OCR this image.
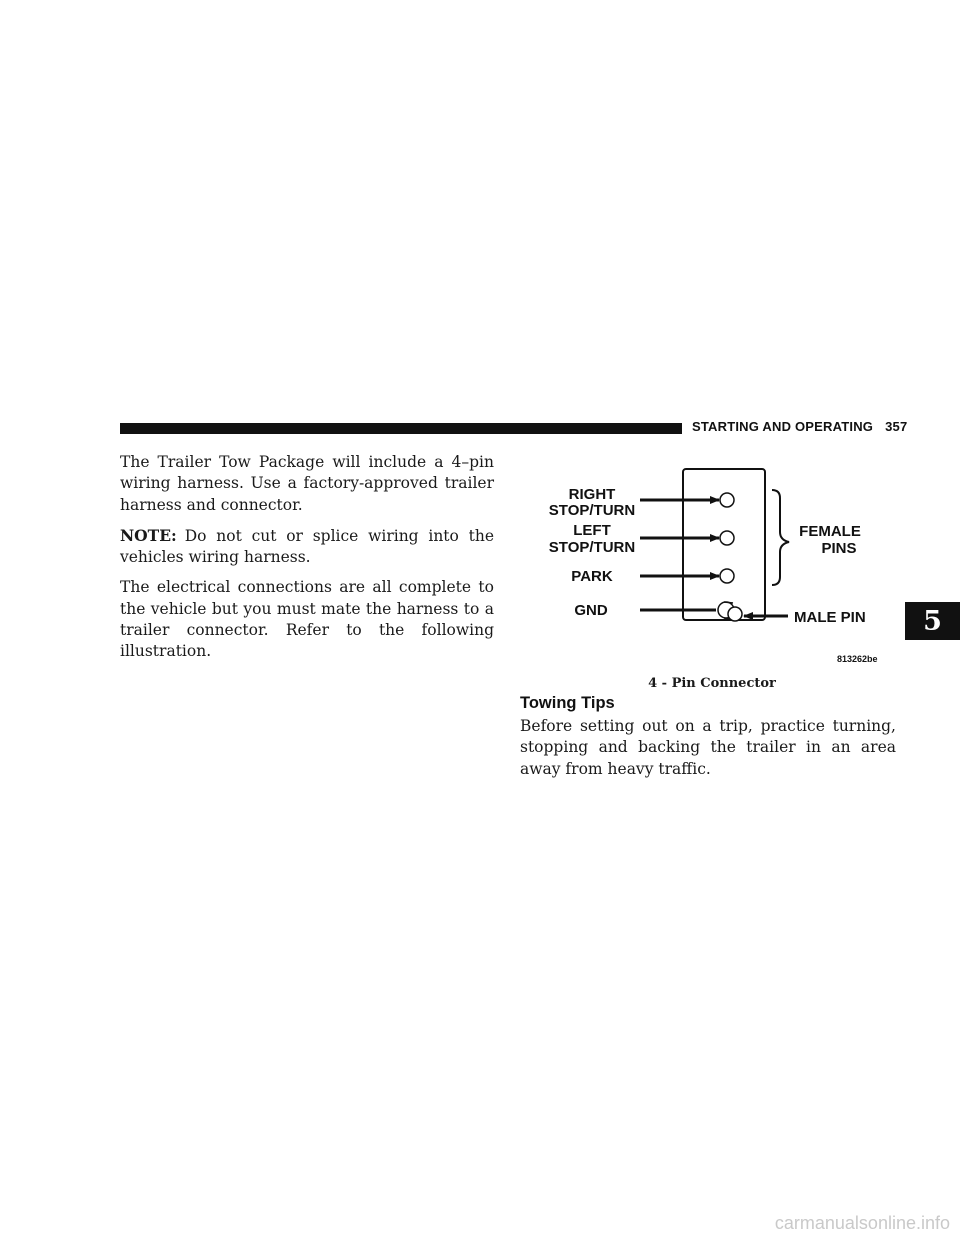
STARTING AND OPERATING 357

The Trailer Tow Package will include a 4–pin wiring harness. Use a factory-approved trailer harness and connector.

NOTE: Do not cut or splice wiring into the vehicles wiring harness.

The electrical connections are all complete to the vehicle but you must mate the harness to a trailer connector. Refer to the following illustration.

RIGHT
STOP/TURN
LEFT
STOP/TURN
PARK
GND
FEMALE
PINS
MALE PIN
813262be
4 - Pin Connector
Towing Tips

Before setting out on a trip, practice turning, stopping and backing the trailer in an area away from heavy traffic.

5
carmanualsonline.info
